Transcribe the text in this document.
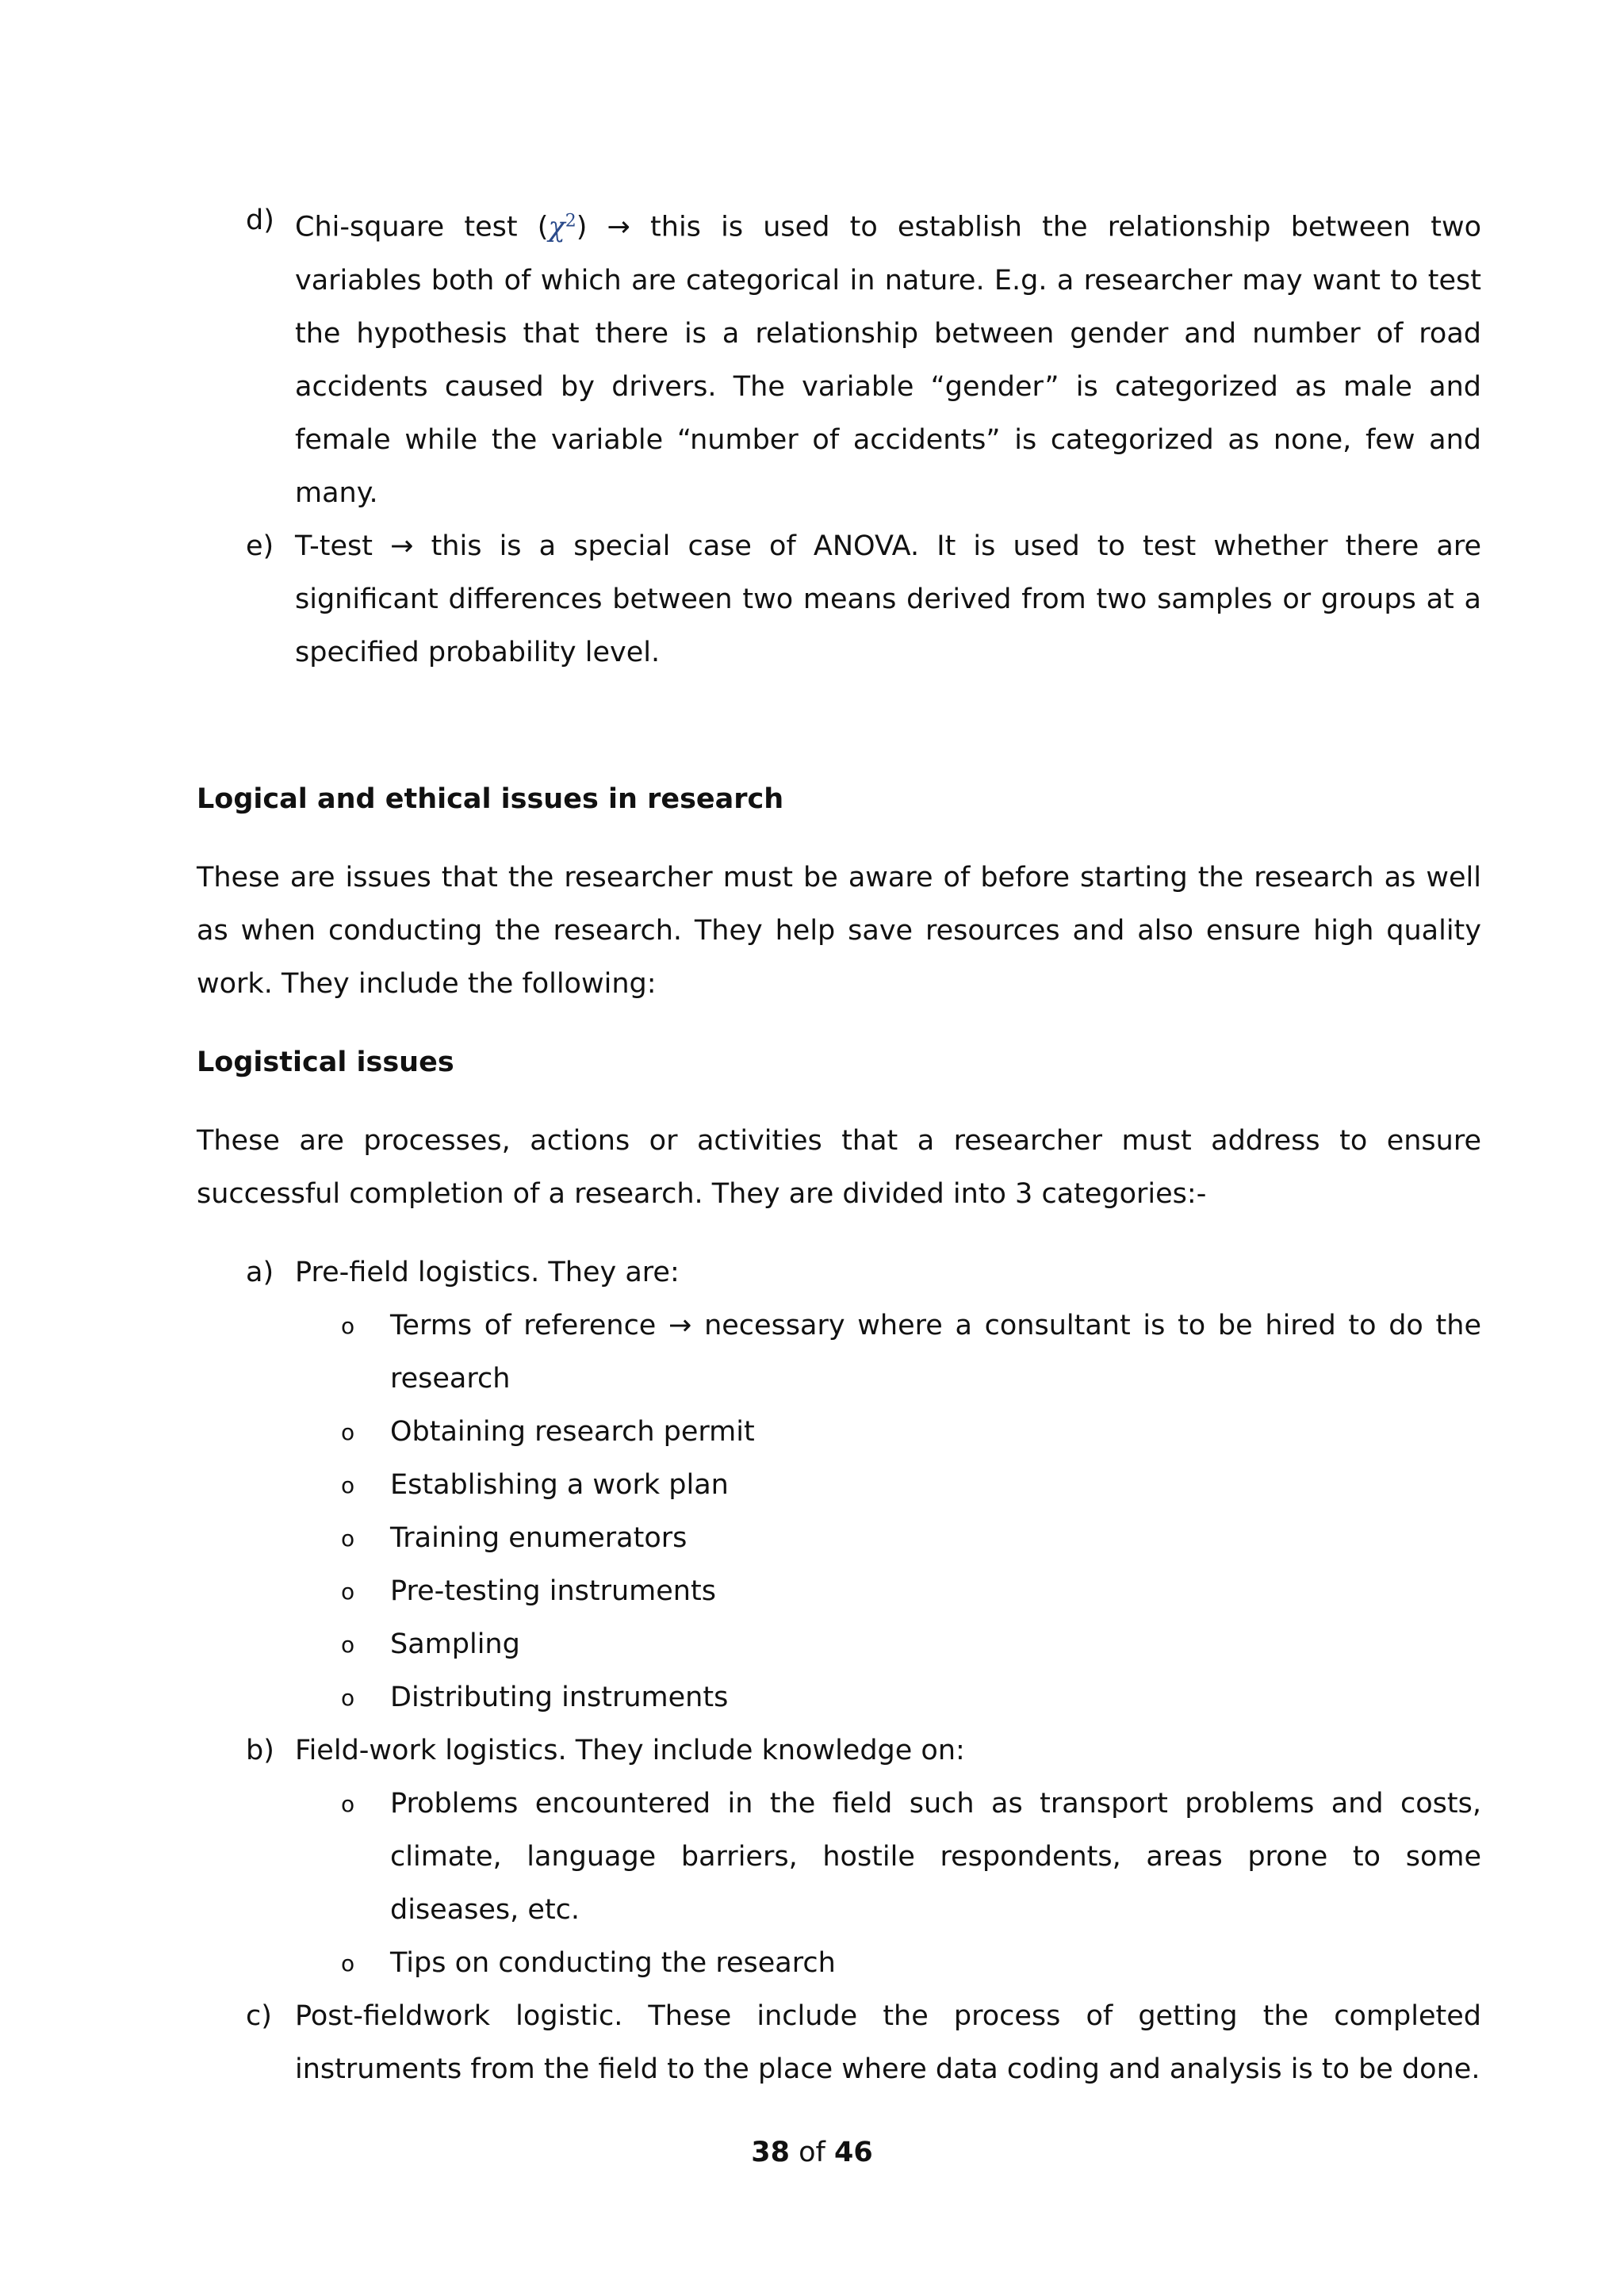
d) Chi-square test $(\chi^2)$ → this is used to establish the relationship between two variables both of which are categorical in nature. E.g. a researcher may want to test the hypothesis that there is a relationship between gender and number of road accidents caused by drivers. The variable “gender” is categorized as male and female while the variable “number of accidents” is categorized as none, few and many.
e) T-test → this is a special case of ANOVA. It is used to test whether there are significant differences between two means derived from two samples or groups at a specified probability level.

Logical and ethical issues in research

These are issues that the researcher must be aware of before starting the research as well as when conducting the research. They help save resources and also ensure high quality work. They include the following:

Logistical issues

These are processes, actions or activities that a researcher must address to ensure successful completion of a research. They are divided into 3 categories:-

a) Pre-field logistics. They are:
o	Terms of reference → necessary where a consultant is to be hired to do the research
o	Obtaining research permit
o	Establishing a work plan
o	Training enumerators
o	Pre-testing instruments
o	Sampling
o	Distributing instruments
b) Field-work logistics. They include knowledge on:
o	Problems encountered in the field such as transport problems and costs, climate, language barriers, hostile respondents, areas prone to some diseases, etc.
o	Tips on conducting the research
c) Post-fieldwork logistic. These include the process of getting the completed instruments from the field to the place where data coding and analysis is to be done.
38 of 46
